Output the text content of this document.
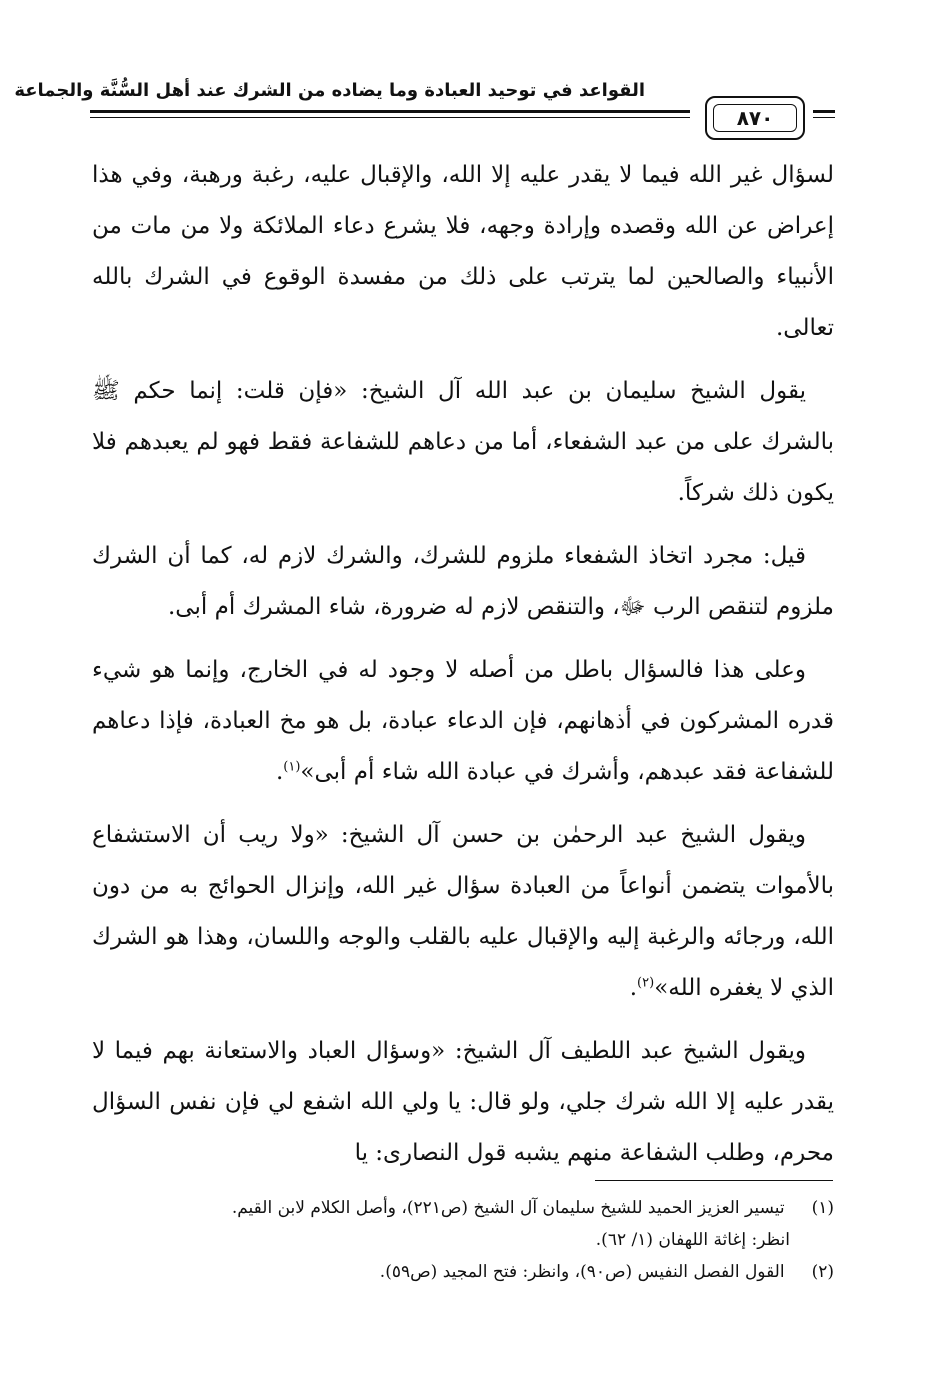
القواعد في توحيد العبادة وما يضاده من الشرك عند أهل السُّنَّة والجماعة
٨٧٠

لسؤال غير الله فيما لا يقدر عليه إلا الله، والإقبال عليه، رغبة ورهبة، وفي هذا إعراض عن الله وقصده وإرادة وجهه، فلا يشرع دعاء الملائكة ولا من مات من الأنبياء والصالحين لما يترتب على ذلك من مفسدة الوقوع في الشرك بالله تعالى.

يقول الشيخ سليمان بن عبد الله آل الشيخ: «فإن قلت: إنما حكم ﷺ بالشرك على من عبد الشفعاء، أما من دعاهم للشفاعة فقط فهو لم يعبدهم فلا يكون ذلك شركاً.

قيل: مجرد اتخاذ الشفعاء ملزوم للشرك، والشرك لازم له، كما أن الشرك ملزوم لتنقص الرب ﷻ، والتنقص لازم له ضرورة، شاء المشرك أم أبى.

وعلى هذا فالسؤال باطل من أصله لا وجود له في الخارج، وإنما هو شيء قدره المشركون في أذهانهم، فإن الدعاء عبادة، بل هو مخ العبادة، فإذا دعاهم للشفاعة فقد عبدهم، وأشرك في عبادة الله شاء أم أبى»$^{(١)}$.

ويقول الشيخ عبد الرحمٰن بن حسن آل الشيخ: «ولا ريب أن الاستشفاع بالأموات يتضمن أنواعاً من العبادة سؤال غير الله، وإنزال الحوائج به من دون الله، ورجائه والرغبة إليه والإقبال عليه بالقلب والوجه واللسان، وهذا هو الشرك الذي لا يغفره الله»$^{(٢)}$.

ويقول الشيخ عبد اللطيف آل الشيخ: «وسؤال العباد والاستعانة بهم فيما لا يقدر عليه إلا الله شرك جلي، ولو قال: يا ولي الله اشفع لي فإن نفس السؤال محرم، وطلب الشفاعة منهم يشبه قول النصارى: يا

(١) تيسير العزيز الحميد للشيخ سليمان آل الشيخ (ص٢٢١)، وأصل الكلام لابن القيم.
انظر: إغاثة اللهفان (١/ ٦٢).
(٢) القول الفصل النفيس (ص٩٠)، وانظر: فتح المجيد (ص٥٩).
